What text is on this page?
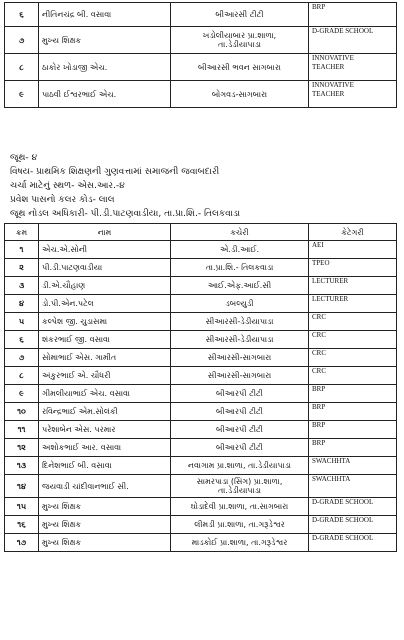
૬	નીતિનચંદ્ર બી. વસાવા	બીઆરસી ટીટી	BRP
૭	મુખ્ય શિક્ષક	ખડોલીયાબાર પ્રા.શાળા,
તા.ડેડીયાપાડા	D-GRADE SCHOOL
૮	ઠાકોર ખોડાજી એચ.	બીઆરસી ભવન સાગબારા	INNOVATIVE
TEACHER
૯	પાઠવી ઈશ્વરભાઈ એચ.	બોગવડ-સાગબારા	INNOVATIVE
TEACHER
જૂથ- ૪
વિષય- પ્રાથમિક શિક્ષણની ગુણવત્તામાં સમાજની જવાબદારી
ચર્ચા માટેનું સ્થળ- એસ.આર.-૪
પ્રવેશ પાસનો કલર કોડ- લાલ
જૂથ નોડલ અધિકારી- પી.ડી.પાટણવાડીયા, તા.પ્રા.શિ.- તિલકવાડા
ક્રમ	નામ	કચેરી	કેટેગરી
૧	એચ.એ.સોની	એ.ડી.આઈ.	AEI
૨	પી.ડી.પાટણવાડીયા	તા.પ્રા.શિ.- તિલકવાડા	TPEO
૩	ડી.એ.ચૌહાણ	આઈ.એફ.આઈ.સી	LECTURER
૪	ડો.પી.એન.પટેલ	ડબલ્યુડી	LECTURER
૫	કલ્પેશ જી. ચુડાસમા	સીઆરસી-ડેડીયાપાડા	CRC
૬	શંકરભાઈ જી. વસાવા	સીઆરસી-ડેડીયાપાડા	CRC
૭	સોમાભાઈ એસ. ગામીત	સીઆરસી-સાગબારા	CRC
૮	અંકુરભાઈ એ. ચૌધરી	સીઆરસી-સાગબારા	CRC
૯	ગીમલીયાભાઈ એચ. વસાવા	બીઆરપી ટીટી	BRP
૧૦	રવિન્દ્રભાઈ એમ.સોલંકી	બીઆરપી ટીટી	BRP
૧૧	પરેશાબેન એસ. પરમાર	બીઆરપી ટીટી	BRP
૧૨	અશોકભાઈ આર. વસાવા	બીઆરપી ટીટી	BRP
૧૩	દિનેશભાઈ બી. વસાવા	નવાગામ પ્રા.શાળા, તા.ડેડીયાપાડા	SWACHHTA
૧૪	જયવાડી ચાંદીવાનભાઈ સી.	સામરપાડા (સિંગ) પ્રા.શાળા,
તા.ડેડીયાપાડા	SWACHHTA
૧૫	મુખ્ય શિક્ષક	ઘોડાદેવી પ્રા.શાળા, તા.સાગબારા	D-GRADE SCHOOL
૧૬	મુખ્ય શિક્ષક	લીમડી પ્રા.શાળા, તા.ગરૂડેશ્વર	D-GRADE SCHOOL
૧૭	મુખ્ય શિક્ષક	માડકોઈ પ્રા.શાળા, તા.ગરૂડેશ્વર	D-GRADE SCHOOL
